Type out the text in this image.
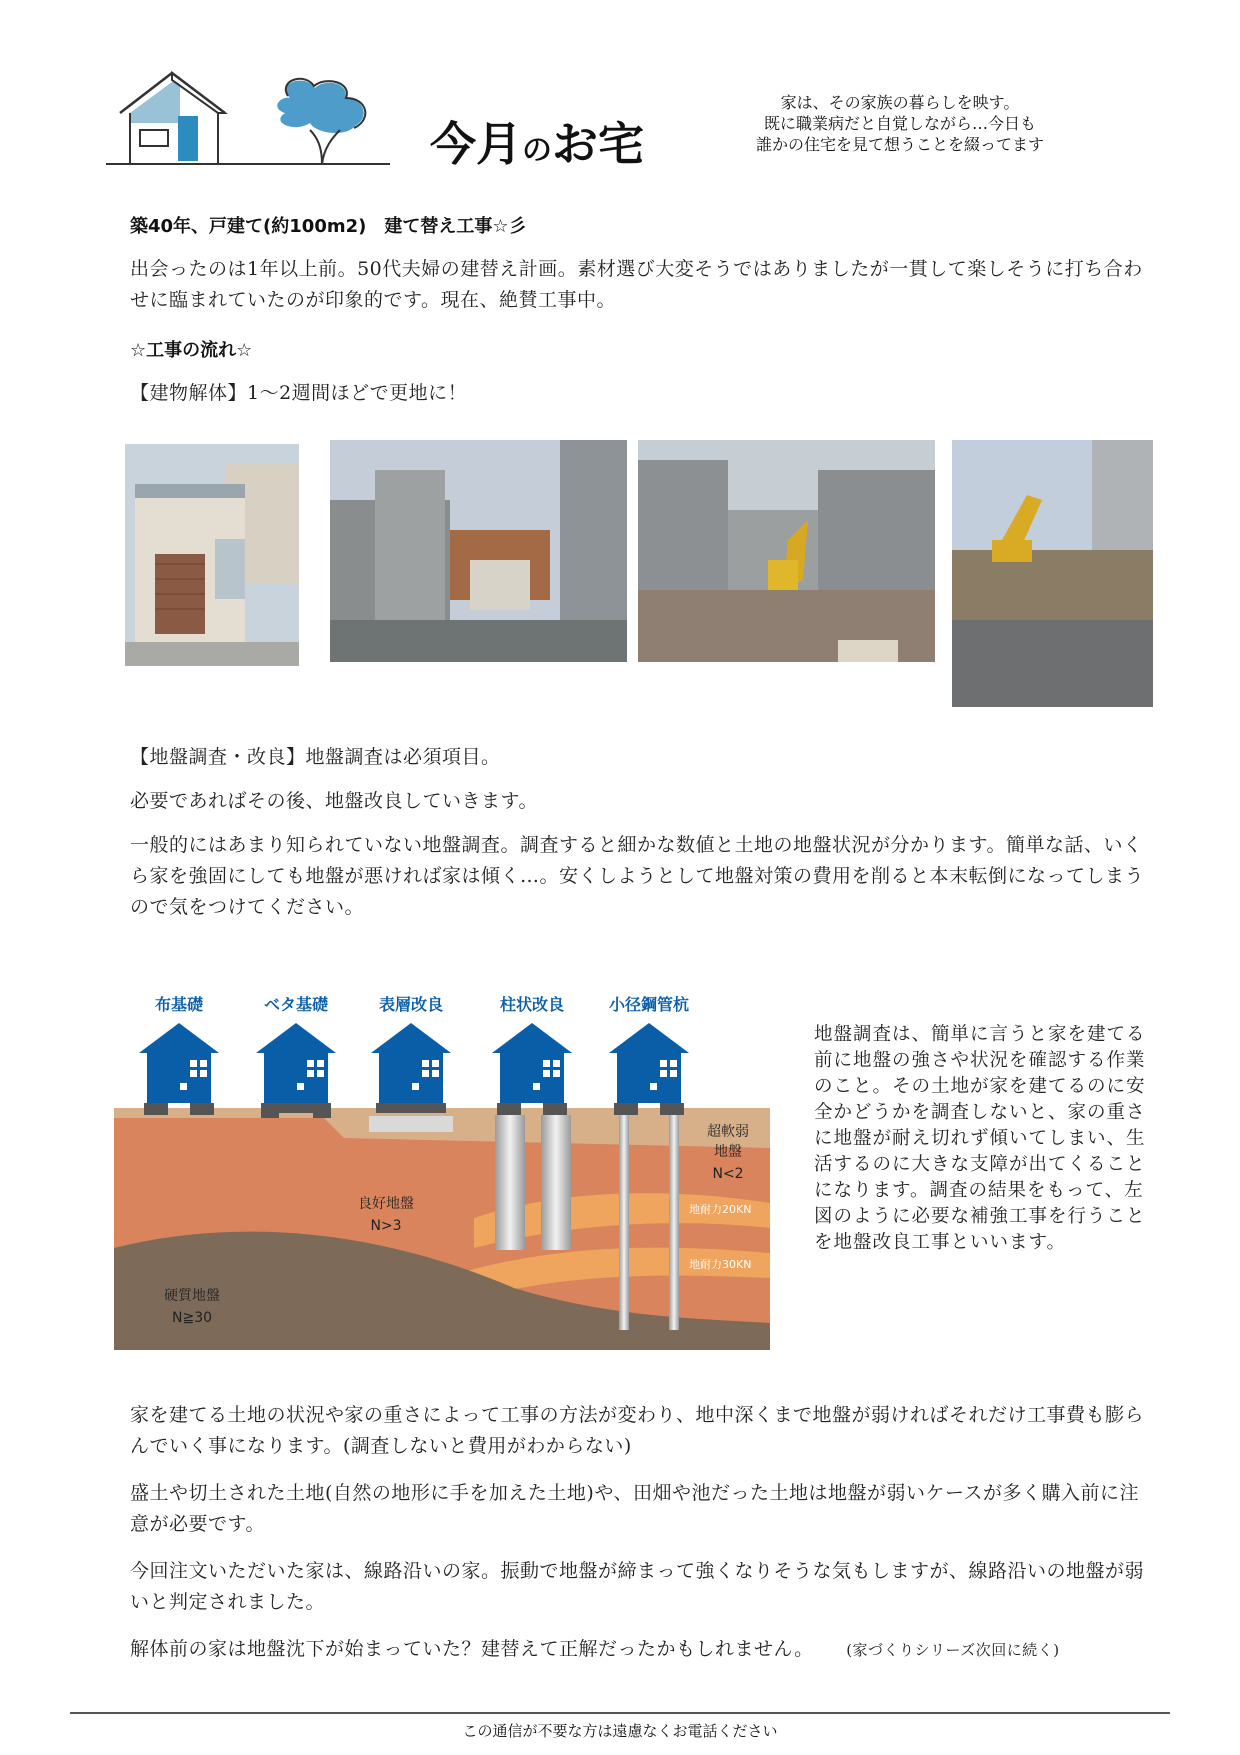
今月のお宅
家は、その家族の暮らしを映す。
既に職業病だと自覚しながら…今日も
誰かの住宅を見て想うことを綴ってます
築40年、戸建て(約100m2)　建て替え工事☆彡
出会ったのは1年以上前。50代夫婦の建替え計画。素材選び大変そうではありましたが一貫して楽しそうに打ち合わせに臨まれていたのが印象的です。現在、絶賛工事中。
☆工事の流れ☆
【建物解体】1～2週間ほどで更地に！
【地盤調査・改良】地盤調査は必須項目。
必要であればその後、地盤改良していきます。
一般的にはあまり知られていない地盤調査。調査すると細かな数値と土地の地盤状況が分かります。簡単な話、いくら家を強固にしても地盤が悪ければ家は傾く…。安くしようとして地盤対策の費用を削ると本末転倒になってしまうので気をつけてください。
布基礎	ベタ基礎	表層改良	柱状改良	小径鋼管杭
超軟弱
地盤
N<2
良好地盤
N>3
硬質地盤
N≧30
地耐力20KN
地耐力30KN
地盤調査は、簡単に言うと家を建てる前に地盤の強さや状況を確認する作業のこと。その土地が家を建てるのに安全かどうかを調査しないと、家の重さに地盤が耐え切れず傾いてしまい、生活するのに大きな支障が出てくることになります。調査の結果をもって、左図のように必要な補強工事を行うことを地盤改良工事といいます。
家を建てる土地の状況や家の重さによって工事の方法が変わり、地中深くまで地盤が弱ければそれだけ工事費も膨らんでいく事になります。(調査しないと費用がわからない)
盛土や切土された土地(自然の地形に手を加えた土地)や、田畑や池だった土地は地盤が弱いケースが多く購入前に注意が必要です。
今回注文いただいた家は、線路沿いの家。振動で地盤が締まって強くなりそうな気もしますが、線路沿いの地盤が弱いと判定されました。
解体前の家は地盤沈下が始まっていた？建替えて正解だったかもしれません。 (家づくりシリーズ次回に続く)
この通信が不要な方は遠慮なくお電話ください
